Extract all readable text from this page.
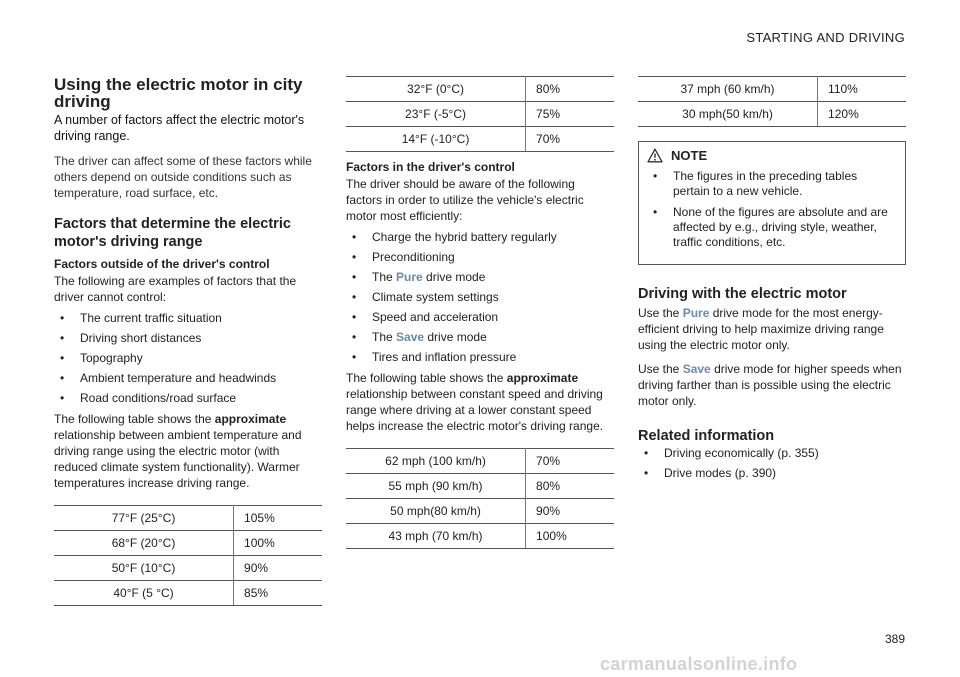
STARTING AND DRIVING
Using the electric motor in city driving

A number of factors affect the electric motor's driving range.

The driver can affect some of these factors while others depend on outside conditions such as temperature, road surface, etc.

Factors that determine the electric motor's driving range
Factors outside of the driver's control

The following are examples of factors that the driver cannot control:

• The current traffic situation
• Driving short distances
• Topography
• Ambient temperature and headwinds
• Road conditions/road surface

The following table shows the approximate relationship between ambient temperature and driving range using the electric motor (with reduced climate system functionality). Warmer temperatures increase driving range.

77°F (25°C)	105%
68°F (20°C)	100%
50°F (10°C)	90%
40°F (5 °C)	85%
32°F (0°C)	80%
23°F (-5°C)	75%
14°F (-10°C)	70%
Factors in the driver's control

The driver should be aware of the following factors in order to utilize the vehicle's electric motor most efficiently:

• Charge the hybrid battery regularly
• Preconditioning
• The Pure drive mode
• Climate system settings
• Speed and acceleration
• The Save drive mode
• Tires and inflation pressure

The following table shows the approximate relationship between constant speed and driving range where driving at a lower constant speed helps increase the electric motor's driving range.

62 mph (100 km/h)	70%
55 mph (90 km/h)	80%
50 mph(80 km/h)	90%
43 mph (70 km/h)	100%
37 mph (60 km/h)	110%
30 mph(50 km/h)	120%
NOTE
• The figures in the preceding tables pertain to a new vehicle.
• None of the figures are absolute and are affected by e.g., driving style, weather, traffic conditions, etc.
Driving with the electric motor

Use the Pure drive mode for the most energy-efficient driving to help maximize driving range using the electric motor only.

Use the Save drive mode for higher speeds when driving farther than is possible using the electric motor only.

Related information
• Driving economically (p. 355)
• Drive modes (p. 390)
389
carmanualsonline.info
